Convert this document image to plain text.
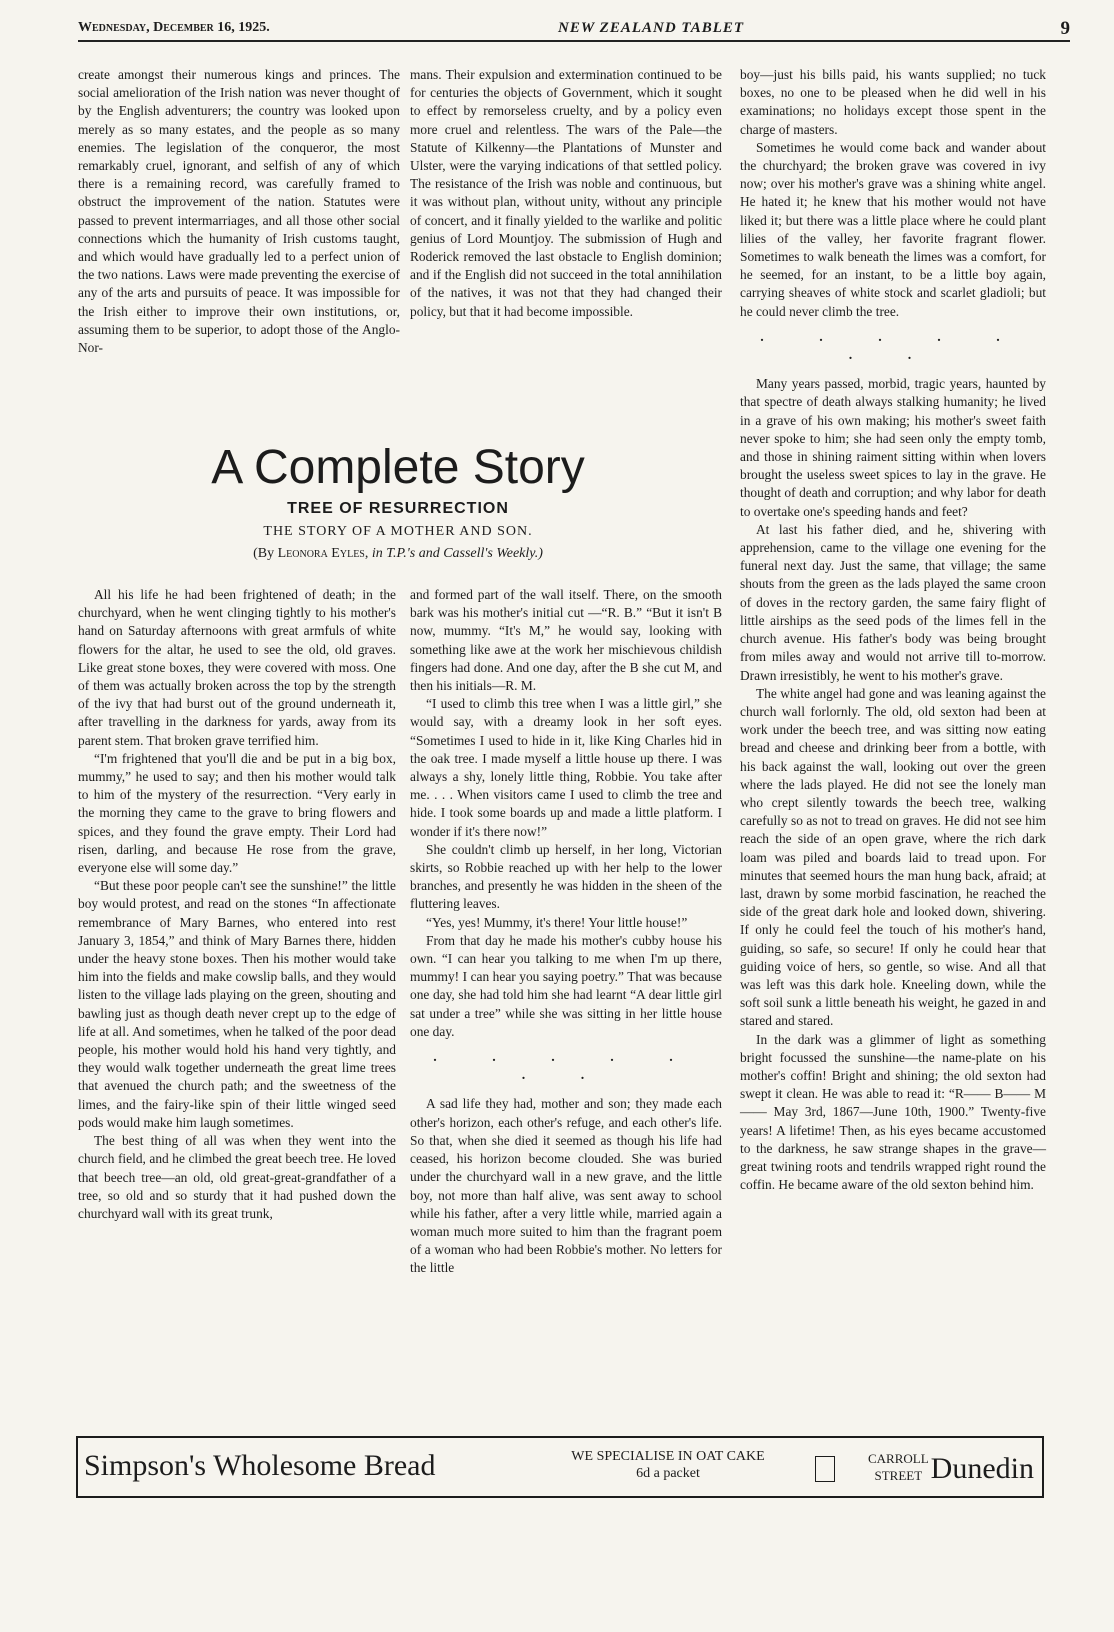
Wednesday, December 16, 1925.	NEW ZEALAND TABLET	9

create amongst their numerous kings and princes. The social amelioration of the Irish nation was never thought of by the English adventurers; the country was looked upon merely as so many estates, and the people as so many enemies. The legislation of the conqueror, the most remarkably cruel, ignorant, and selfish of any of which there is a remaining record, was carefully framed to obstruct the improvement of the nation. Statutes were passed to prevent intermarriages, and all those other social connections which the humanity of Irish customs taught, and which would have gradually led to a perfect union of the two nations. Laws were made preventing the exercise of any of the arts and pursuits of peace. It was impossible for the Irish either to improve their own institutions, or, assuming them to be superior, to adopt those of the Anglo-Nor-

mans. Their expulsion and extermination continued to be for centuries the objects of Government, which it sought to effect by remorseless cruelty, and by a policy even more cruel and relentless. The wars of the Pale—the Statute of Kilkenny—the Plantations of Munster and Ulster, were the varying indications of that settled policy. The resistance of the Irish was noble and continuous, but it was without plan, without unity, without any principle of concert, and it finally yielded to the warlike and politic genius of Lord Mountjoy. The submission of Hugh and Roderick removed the last obstacle to English dominion; and if the English did not succeed in the total annihilation of the natives, it was not that they had changed their policy, but that it had become impossible.

A Complete Story
TREE OF RESURRECTION
THE STORY OF A MOTHER AND SON.
(By Leonora Eyles, in T.P.'s and Cassell's Weekly.)

All his life he had been frightened of death; in the churchyard, when he went clinging tightly to his mother's hand on Saturday afternoons with great armfuls of white flowers for the altar, he used to see the old, old graves. Like great stone boxes, they were covered with moss. One of them was actually broken across the top by the strength of the ivy that had burst out of the ground underneath it, after travelling in the darkness for yards, away from its parent stem. That broken grave terrified him.

“I'm frightened that you'll die and be put in a big box, mummy,” he used to say; and then his mother would talk to him of the mystery of the resurrection. “Very early in the morning they came to the grave to bring flowers and spices, and they found the grave empty. Their Lord had risen, darling, and because He rose from the grave, everyone else will some day.”

“But these poor people can't see the sunshine!” the little boy would protest, and read on the stones “In affectionate remembrance of Mary Barnes, who entered into rest January 3, 1854,” and think of Mary Barnes there, hidden under the heavy stone boxes. Then his mother would take him into the fields and make cowslip balls, and they would listen to the village lads playing on the green, shouting and bawling just as though death never crept up to the edge of life at all. And sometimes, when he talked of the poor dead people, his mother would hold his hand very tightly, and they would walk together underneath the great lime trees that avenued the church path; and the sweetness of the limes, and the fairy-like spin of their little winged seed pods would make him laugh sometimes.

The best thing of all was when they went into the church field, and he climbed the great beech tree. He loved that beech tree—an old, old great-great-grandfather of a tree, so old and so sturdy that it had pushed down the churchyard wall with its great trunk,

and formed part of the wall itself. There, on the smooth bark was his mother's initial cut —“R. B.” “But it isn't B now, mummy. “It's M,” he would say, looking with something like awe at the work her mischievous childish fingers had done. And one day, after the B she cut M, and then his initials—R. M.

“I used to climb this tree when I was a little girl,” she would say, with a dreamy look in her soft eyes. “Sometimes I used to hide in it, like King Charles hid in the oak tree. I made myself a little house up there. I was always a shy, lonely little thing, Robbie. You take after me. . . . When visitors came I used to climb the tree and hide. I took some boards up and made a little platform. I wonder if it's there now!”

She couldn't climb up herself, in her long, Victorian skirts, so Robbie reached up with her help to the lower branches, and presently he was hidden in the sheen of the fluttering leaves.

“Yes, yes! Mummy, it's there! Your little house!”

From that day he made his mother's cubby house his own. “I can hear you talking to me when I'm up there, mummy! I can hear you saying poetry.” That was because one day, she had told him she had learnt “A dear little girl sat under a tree” while she was sitting in her little house one day.

. . . . . . .

A sad life they had, mother and son; they made each other's horizon, each other's refuge, and each other's life. So that, when she died it seemed as though his life had ceased, his horizon become clouded. She was buried under the churchyard wall in a new grave, and the little boy, not more than half alive, was sent away to school while his father, after a very little while, married again a woman much more suited to him than the fragrant poem of a woman who had been Robbie's mother. No letters for the little

boy—just his bills paid, his wants supplied; no tuck boxes, no one to be pleased when he did well in his examinations; no holidays except those spent in the charge of masters.

Sometimes he would come back and wander about the churchyard; the broken grave was covered in ivy now; over his mother's grave was a shining white angel. He hated it; he knew that his mother would not have liked it; but there was a little place where he could plant lilies of the valley, her favorite fragrant flower. Sometimes to walk beneath the limes was a comfort, for he seemed, for an instant, to be a little boy again, carrying sheaves of white stock and scarlet gladioli; but he could never climb the tree.

. . . . . . .

Many years passed, morbid, tragic years, haunted by that spectre of death always stalking humanity; he lived in a grave of his own making; his mother's sweet faith never spoke to him; she had seen only the empty tomb, and those in shining raiment sitting within when lovers brought the useless sweet spices to lay in the grave. He thought of death and corruption; and why labor for death to overtake one's speeding hands and feet?

At last his father died, and he, shivering with apprehension, came to the village one evening for the funeral next day. Just the same, that village; the same shouts from the green as the lads played the same croon of doves in the rectory garden, the same fairy flight of little airships as the seed pods of the limes fell in the church avenue. His father's body was being brought from miles away and would not arrive till to-morrow. Drawn irresistibly, he went to his mother's grave.

The white angel had gone and was leaning against the church wall forlornly. The old, old sexton had been at work under the beech tree, and was sitting now eating bread and cheese and drinking beer from a bottle, with his back against the wall, looking out over the green where the lads played. He did not see the lonely man who crept silently towards the beech tree, walking carefully so as not to tread on graves. He did not see him reach the side of an open grave, where the rich dark loam was piled and boards laid to tread upon. For minutes that seemed hours the man hung back, afraid; at last, drawn by some morbid fascination, he reached the side of the great dark hole and looked down, shivering. If only he could feel the touch of his mother's hand, guiding, so safe, so secure! If only he could hear that guiding voice of hers, so gentle, so wise. And all that was left was this dark hole. Kneeling down, while the soft soil sunk a little beneath his weight, he gazed in and stared and stared.

In the dark was a glimmer of light as something bright focussed the sunshine—the name-plate on his mother's coffin! Bright and shining; the old sexton had swept it clean. He was able to read it: “R—— B—— M—— May 3rd, 1867—June 10th, 1900.” Twenty-five years! A lifetime! Then, as his eyes became accustomed to the darkness, he saw strange shapes in the grave—great twining roots and tendrils wrapped right round the coffin. He became aware of the old sexton behind him.

Simpson's Wholesome Bread	WE SPECIALISE IN OAT CAKE
6d a packet
CARROLL
STREET Dunedin
